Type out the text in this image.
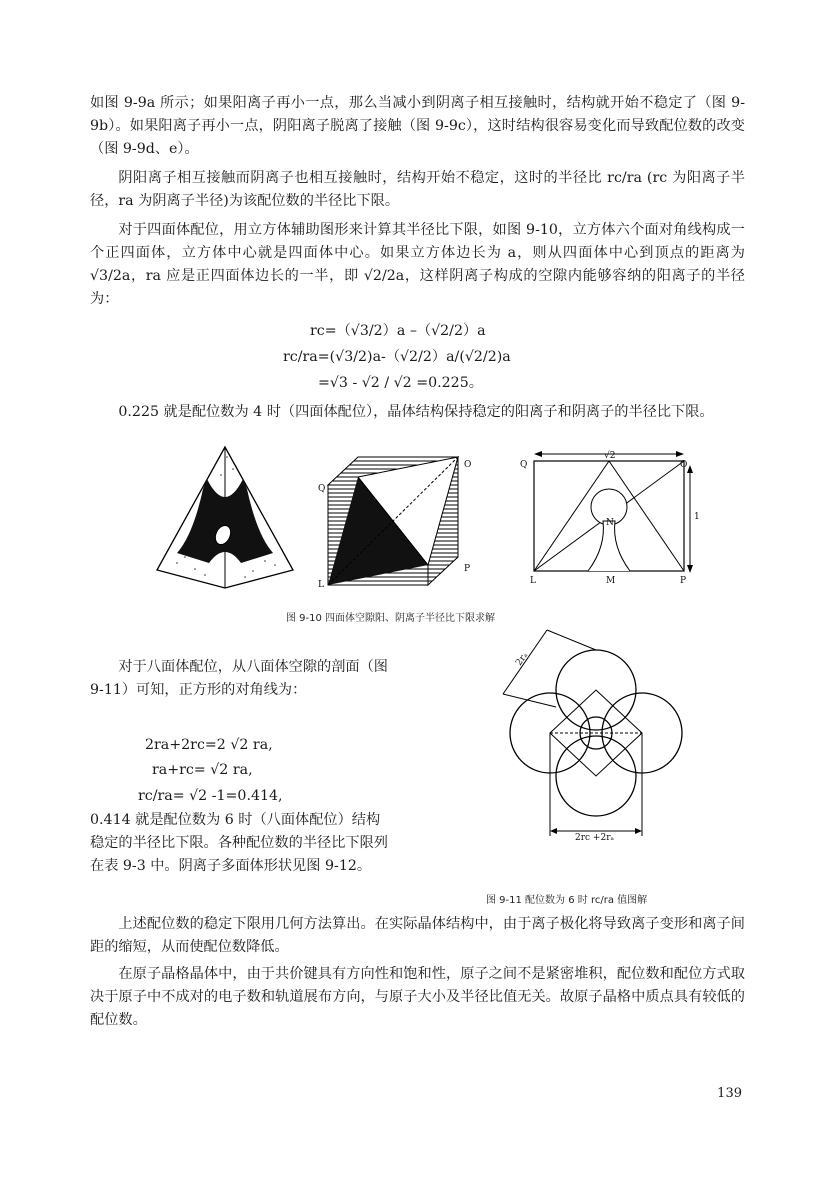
如图 9-9a 所示；如果阳离子再小一点，那么当减小到阴离子相互接触时，结构就开始不稳定了（图 9-9b）。如果阳离子再小一点，阴阳离子脱离了接触（图 9-9c），这时结构很容易变化而导致配位数的改变（图 9-9d、e）。

阴阳离子相互接触而阴离子也相互接触时，结构开始不稳定，这时的半径比 rc/ra (rc 为阳离子半径，ra 为阴离子半径)为该配位数的半径比下限。

对于四面体配位，用立方体辅助图形来计算其半径比下限，如图 9-10，立方体六个面对角线构成一个正四面体，立方体中心就是四面体中心。如果立方体边长为 a，则从四面体中心到顶点的距离为 √3/2a，ra 应是正四面体边长的一半，即 √2/2a，这样阴离子构成的空隙内能够容纳的阳离子的半径为：

rc=（√3/2）a –（√2/2）a

rc/ra=(√3/2)a-（√2/2）a/(√2/2)a

=√3 - √2 / √2 =0.225。

0.225 就是配位数为 4 时（四面体配位），晶体结构保持稳定的阳离子和阴离子的半径比下限。

O
Q
L
P
√2
Q	O
N
1
L	M	P

图 9-10 四面体空隙阳、阴离子半径比下限求解

对于八面体配位，从八面体空隙的剖面（图 9-11）可知，正方形的对角线为：

2ra+2rc=2 √2 ra,

ra+rc= √2 ra,

rc/ra= √2 -1=0.414,

0.414 就是配位数为 6 时（八面体配位）结构稳定的半径比下限。各种配位数的半径比下限列在表 9-3 中。阴离子多面体形状见图 9-12。

2rₐ
2rc +2rₐ

图 9-11 配位数为 6 时 rc/ra 值图解

上述配位数的稳定下限用几何方法算出。在实际晶体结构中，由于离子极化将导致离子变形和离子间距的缩短，从而使配位数降低。

在原子晶格晶体中，由于共价键具有方向性和饱和性，原子之间不是紧密堆积，配位数和配位方式取决于原子中不成对的电子数和轨道展布方向，与原子大小及半径比值无关。故原子晶格中质点具有较低的配位数。

139
